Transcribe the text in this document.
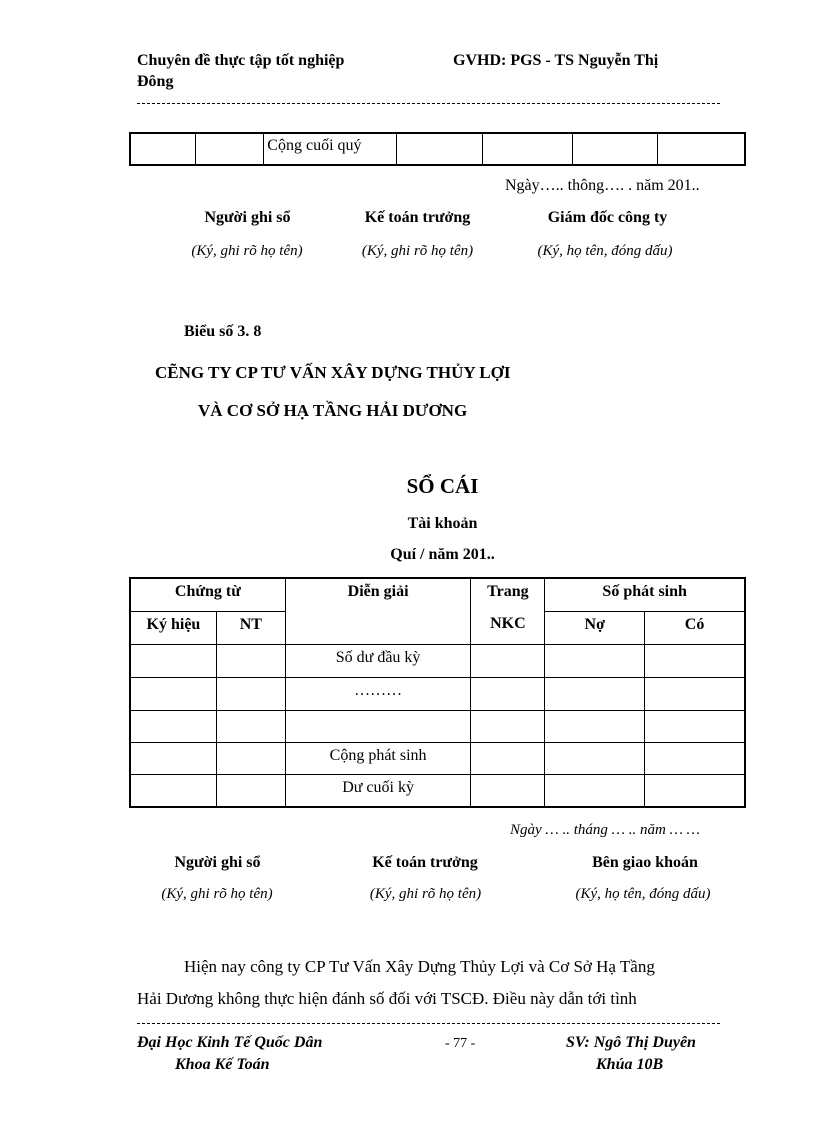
Chuyên đề thực tập tốt nghiệp
Đông
GVHD: PGS - TS Nguyễn Thị
		Cộng cuối quý				
Ngày….. thông…. . năm 201..
Người ghi sổ	Kế toán trưởng	Giám đốc công ty
(Ký, ghi rõ họ tên)	(Ký, ghi rõ họ tên)	(Ký, họ tên, đóng dấu)
Biểu số 3. 8
CẼNG TY CP TƯ VẤN XÂY DỰNG THỦY LỢI
VÀ CƠ SỞ HẠ TẦNG HẢI DƯƠNG
SỔ CÁI
Tài khoản
Quí / năm 201..
Chứng từ		Diễn giải	Trang	Số phát sinh	
Ký hiệu	NT		NKC	Nợ	Có
		Số dư đầu kỳ			
		………			

		Cộng phát sinh			
		Dư cuối kỳ			
Ngày … .. tháng … .. năm … …
Người ghi sổ	Kế toán trưởng	Bên giao khoán
(Ký, ghi rõ họ tên)	(Ký, ghi rõ họ tên)	(Ký, họ tên, đóng dấu)
Hiện nay công ty CP Tư Vấn Xây Dựng Thủy Lợi và Cơ Sở Hạ Tầng
Hải Dương không thực hiện đánh số đối với TSCĐ. Điều này dẫn tới tình
Đại Học Kinh Tế Quốc Dân
Khoa Kế Toán
- 77 -	SV: Ngô Thị Duyên
Khúa 10B
